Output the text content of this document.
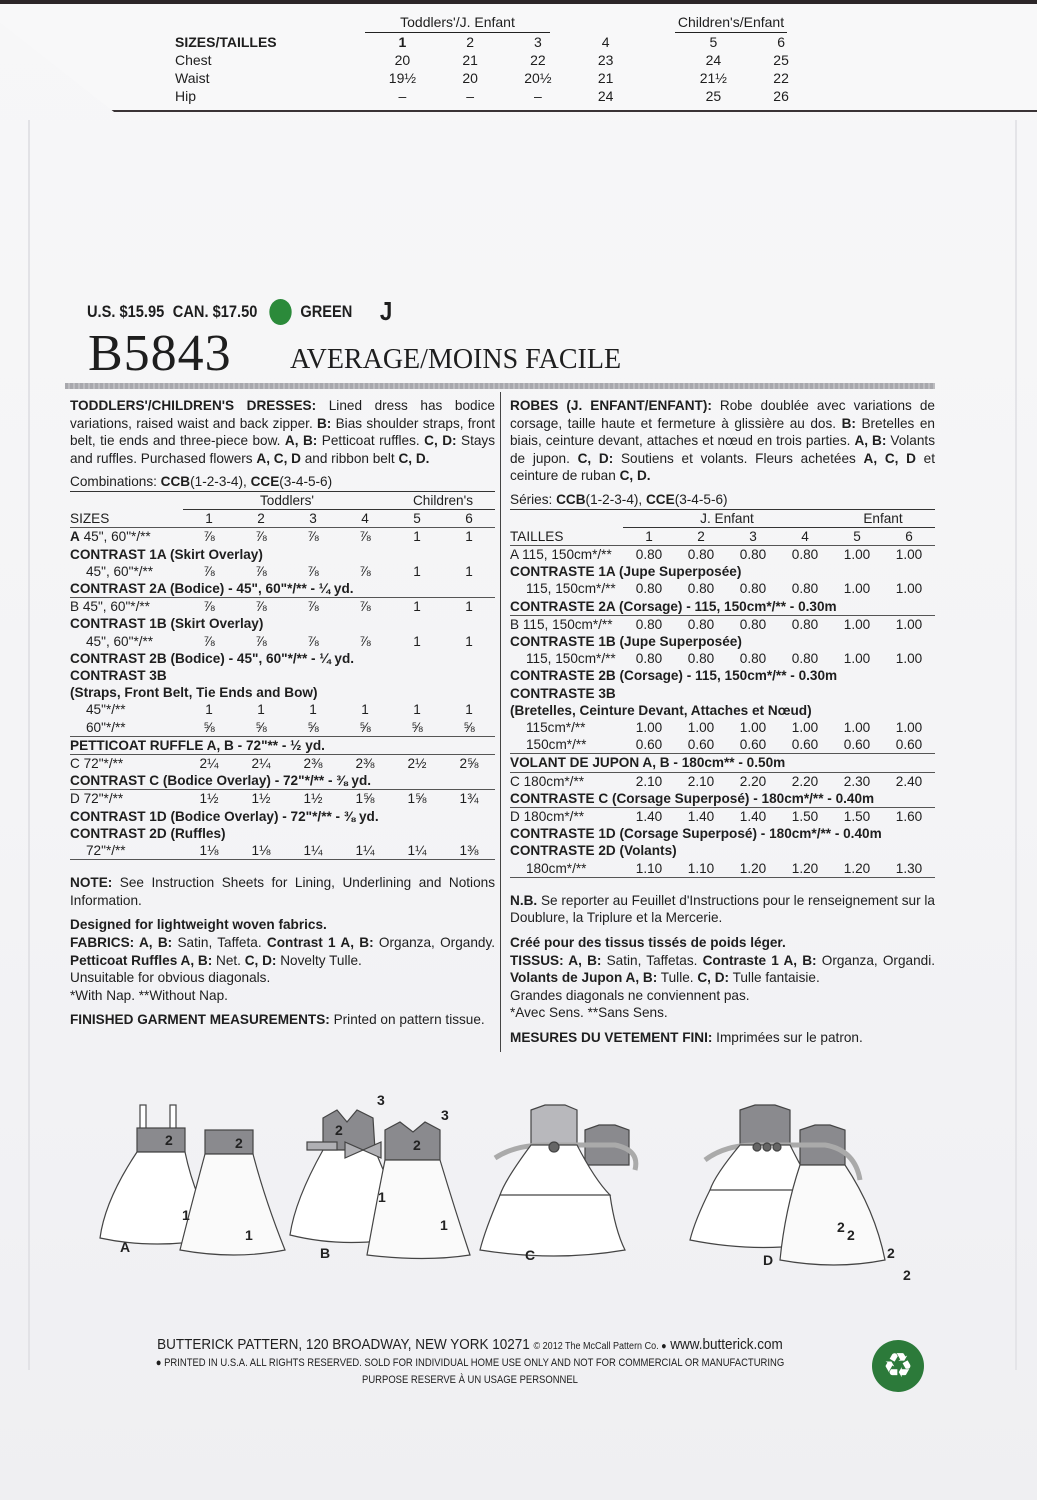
Toddlers'/J. Enfant	Children's/Enfant
SIZES/TAILLES	1	2	3	4	5	6
Chest	20	21	22	23	24	25
Waist	19½	20	20½	21	21½	22
Hip	–	–	–	24	25	26
U.S. $15.95 CAN. $17.50	GREEN J
B5843 AVERAGE/MOINS FACILE

TODDLERS'/CHILDREN'S DRESSES: Lined dress has bodice variations, raised waist and back zipper. B: Bias shoulder straps, front belt, tie ends and three-piece bow. A, B: Petticoat ruffles. C, D: Stays and ruffles. Purchased flowers A, C, D and ribbon belt C, D.

Combinations: CCB(1-2-3-4), CCE(3-4-5-6)

	Toddlers'				Children's	
SIZES	1	2	3	4	5	6
A 45", 60"*/**	⅞	⅞	⅞	⅞	1	1
CONTRAST 1A (Skirt Overlay)						
45", 60"*/**	⅞	⅞	⅞	⅞	1	1
CONTRAST 2A (Bodice) - 45", 60"*/** - ¼ yd.						
B 45", 60"*/**	⅞	⅞	⅞	⅞	1	1
CONTRAST 1B (Skirt Overlay)						
45", 60"*/**	⅞	⅞	⅞	⅞	1	1
CONTRAST 2B (Bodice) - 45", 60"*/** - ¼ yd.						
CONTRAST 3B						
(Straps, Front Belt, Tie Ends and Bow)						
45"*/**	1	1	1	1	1	1
60"*/**	⅝	⅝	⅝	⅝	⅝	⅝
PETTICOAT RUFFLE A, B - 72"** - ½ yd.						
C 72"*/**	2¼	2¼	2⅜	2⅜	2½	2⅝
CONTRAST C (Bodice Overlay) - 72"*/** - ⅜ yd.						
D 72"*/**	1½	1½	1½	1⅝	1⅝	1¾
CONTRAST 1D (Bodice Overlay) - 72"*/** - ⅜ yd.						
CONTRAST 2D (Ruffles)						
72"*/**	1⅛	1⅛	1¼	1¼	1¼	1⅜

NOTE: See Instruction Sheets for Lining, Underlining and Notions Information.

Designed for lightweight woven fabrics.

FABRICS: A, B: Satin, Taffeta. Contrast 1 A, B: Organza, Organdy. Petticoat Ruffles A, B: Net. C, D: Novelty Tulle.

Unsuitable for obvious diagonals.

*With Nap. **Without Nap.

FINISHED GARMENT MEASUREMENTS: Printed on pattern tissue.

ROBES (J. ENFANT/ENFANT): Robe doublée avec variations de corsage, taille haute et fermeture à glissière au dos. B: Bretelles en biais, ceinture devant, attaches et nœud en trois parties. A, B: Volants de jupon. C, D: Soutiens et volants. Fleurs achetées A, C, D et ceinture de ruban C, D.

Séries: CCB(1-2-3-4), CCE(3-4-5-6)

	J. Enfant				Enfant	
TAILLES	1	2	3	4	5	6
A 115, 150cm*/**	0.80	0.80	0.80	0.80	1.00	1.00
CONTRASTE 1A (Jupe Superposée)						
115, 150cm*/**	0.80	0.80	0.80	0.80	1.00	1.00
CONTRASTE 2A (Corsage) - 115, 150cm*/** - 0.30m						
B 115, 150cm*/**	0.80	0.80	0.80	0.80	1.00	1.00
CONTRASTE 1B (Jupe Superposée)						
115, 150cm*/**	0.80	0.80	0.80	0.80	1.00	1.00
CONTRASTE 2B (Corsage) - 115, 150cm*/** - 0.30m						
CONTRASTE 3B						
(Bretelles, Ceinture Devant, Attaches et Nœud)						
115cm*/**	1.00	1.00	1.00	1.00	1.00	1.00
150cm*/**	0.60	0.60	0.60	0.60	0.60	0.60
VOLANT DE JUPON A, B - 180cm** - 0.50m						
C 180cm*/**	2.10	2.10	2.20	2.20	2.30	2.40
CONTRASTE C (Corsage Superposé) - 180cm*/** - 0.40m						
D 180cm*/**	1.40	1.40	1.40	1.50	1.50	1.60
CONTRASTE 1D (Corsage Superposé) - 180cm*/** - 0.40m						
CONTRASTE 2D (Volants)						
180cm*/**	1.10	1.10	1.20	1.20	1.20	1.30

N.B. Se reporter au Feuillet d'Instructions pour le renseignement sur la Doublure, la Triplure et la Mercerie.

Créé pour des tissus tissés de poids léger.

TISSUS: A, B: Satin, Taffetas. Contraste 1 A, B: Organza, Organdi. Volants de Jupon A, B: Tulle. C, D: Tulle fantaisie.

Grandes diagonals ne conviennent pas.

*Avec Sens. **Sans Sens.

MESURES DU VETEMENT FINI: Imprimées sur le patron.

2	2
1
1
A
2
2
3
3
1
1
B	C	D
2 2
2
2
BUTTERICK PATTERN, 120 BROADWAY, NEW YORK 10271 © 2012 The McCall Pattern Co. ● www.butterick.com
● PRINTED IN U.S.A. ALL RIGHTS RESERVED. SOLD FOR INDIVIDUAL HOME USE ONLY AND NOT FOR COMMERCIAL OR MANUFACTURING
PURPOSE RESERVE À UN USAGE PERSONNEL	♻
